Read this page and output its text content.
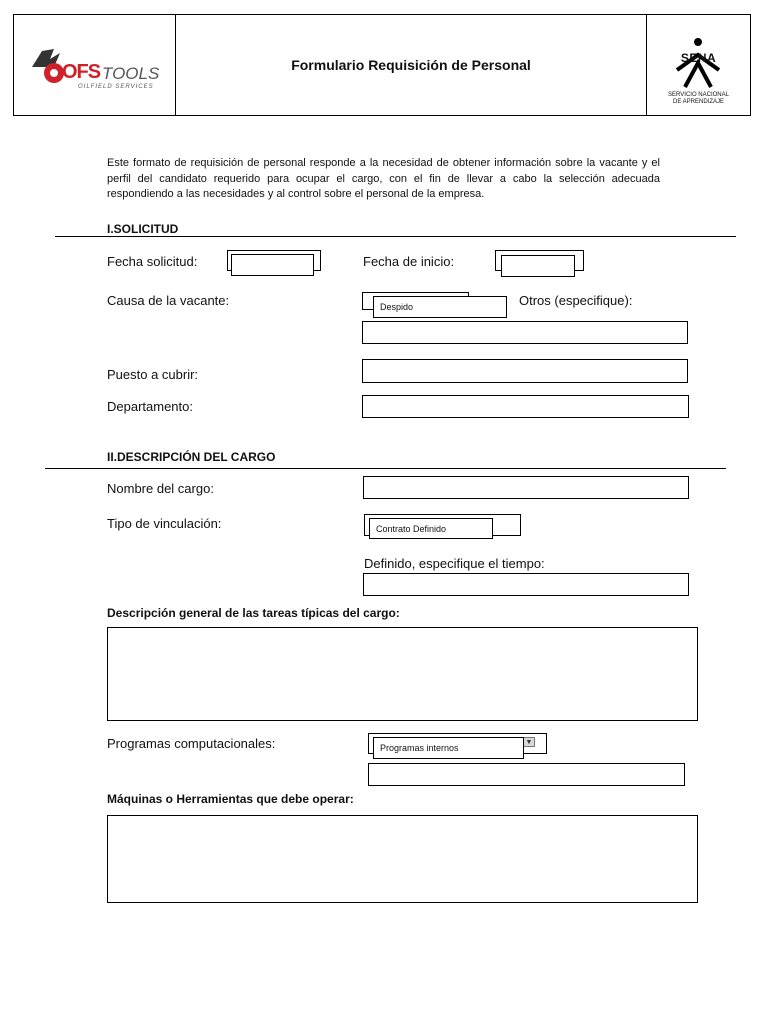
OFS TOOLS
OILFIELD SERVICES
Formulario Requisición de Personal	SENA
SERVICIO NACIONAL
DE APRENDIZAJE
Este formato de requisición de personal responde a la necesidad de obtener información sobre la vacante y el perfil del candidato requerido para ocupar el cargo, con el fin de llevar a cabo la selección adecuada respondiendo a las necesidades y al control sobre el personal de la empresa.
I.SOLICITUD
Fecha solicitud:	Fecha de inicio:
Causa de la vacante:	Despido	Otros (especifique):
Puesto a cubrir:
Departamento:
II.DESCRIPCIÓN DEL CARGO
Nombre del cargo:
Tipo de vinculación:	Contrato Definido
Definido, especifique el tiempo:
Descripción general de las tareas típicas del cargo:
Programas computacionales:	▼
Programas internos
Máquinas o Herramientas que debe operar:
